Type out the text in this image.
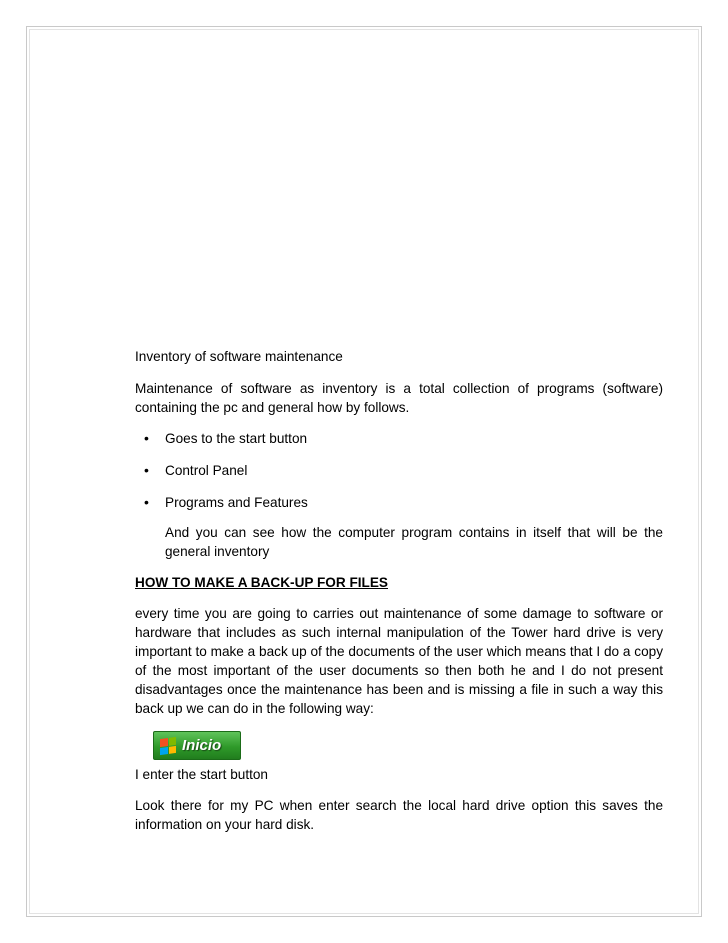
Inventory of software maintenance

Maintenance of software as inventory is a total collection of programs (software) containing the pc and general how by follows.

• Goes to the start button
• Control Panel
• Programs and Features

And you can see how the computer program contains in itself that will be the general inventory

HOW TO MAKE A BACK-UP FOR FILES

every time you are going to carries out maintenance of some damage to software or hardware that includes as such internal manipulation of the Tower hard drive is very important to make a back up of the documents of the user which means that I do a copy of the most important of the user documents so then both he and I do not present disadvantages once the maintenance has been and is missing a file in such a way this back up we can do in the following way:

Inicio

I enter the start button

Look there for my PC when enter search the local hard drive option this saves the information on your hard disk.
